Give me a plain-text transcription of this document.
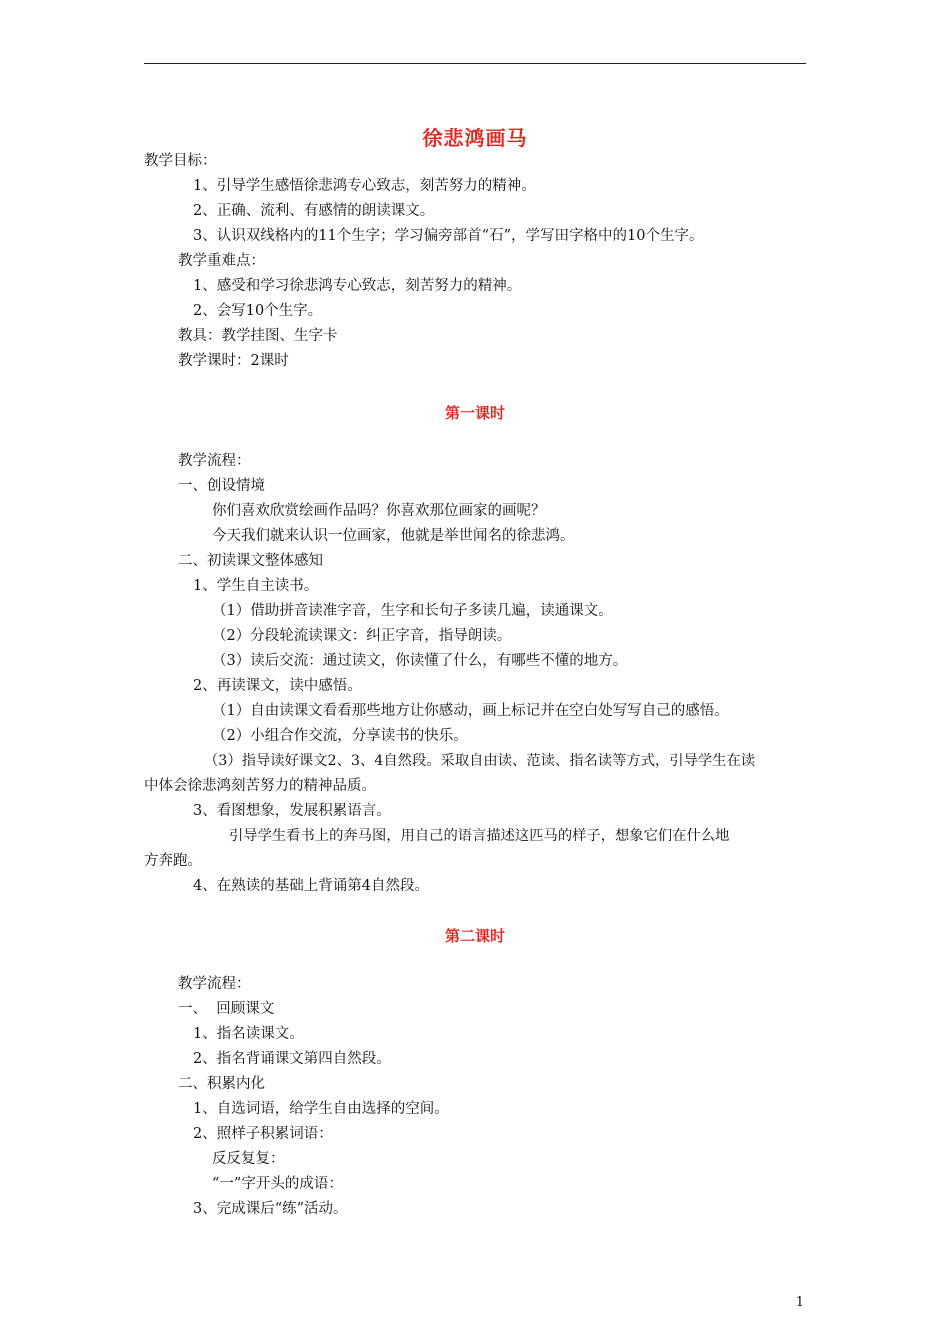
徐悲鸿画马
教学目标：
1、引导学生感悟徐悲鸿专心致志，刻苦努力的精神。
2、正确、流利、有感情的朗读课文。
3、认识双线格内的11个生字；学习偏旁部首“石”，学写田字格中的10个生字。
教学重难点：
1、感受和学习徐悲鸿专心致志，刻苦努力的精神。
2、会写10个生字。
教具：教学挂图、生字卡
教学课时：2课时
第一课时
教学流程：
一、创设情境
你们喜欢欣赏绘画作品吗？你喜欢那位画家的画呢？
今天我们就来认识一位画家，他就是举世闻名的徐悲鸿。
二、初读课文整体感知
1、学生自主读书。
（1）借助拼音读准字音，生字和长句子多读几遍，读通课文。
（2）分段轮流读课文：纠正字音，指导朗读。
（3）读后交流：通过读文，你读懂了什么，有哪些不懂的地方。
2、再读课文，读中感悟。
（1）自由读课文看看那些地方让你感动，画上标记并在空白处写写自己的感悟。
（2）小组合作交流，分享读书的快乐。
（3）指导读好课文2、3、4自然段。采取自由读、范读、指名读等方式，引导学生在读
中体会徐悲鸿刻苦努力的精神品质。
3、看图想象，发展积累语言。
引导学生看书上的奔马图，用自己的语言描述这匹马的样子，想象它们在什么地
方奔跑。
4、在熟读的基础上背诵第4自然段。
第二课时
教学流程：
一、  回顾课文
1、指名读课文。
2、指名背诵课文第四自然段。
二、积累内化
1、自选词语，给学生自由选择的空间。
2、照样子积累词语：
反反复复：
“一”字开头的成语：
3、完成课后“练”活动。
1
